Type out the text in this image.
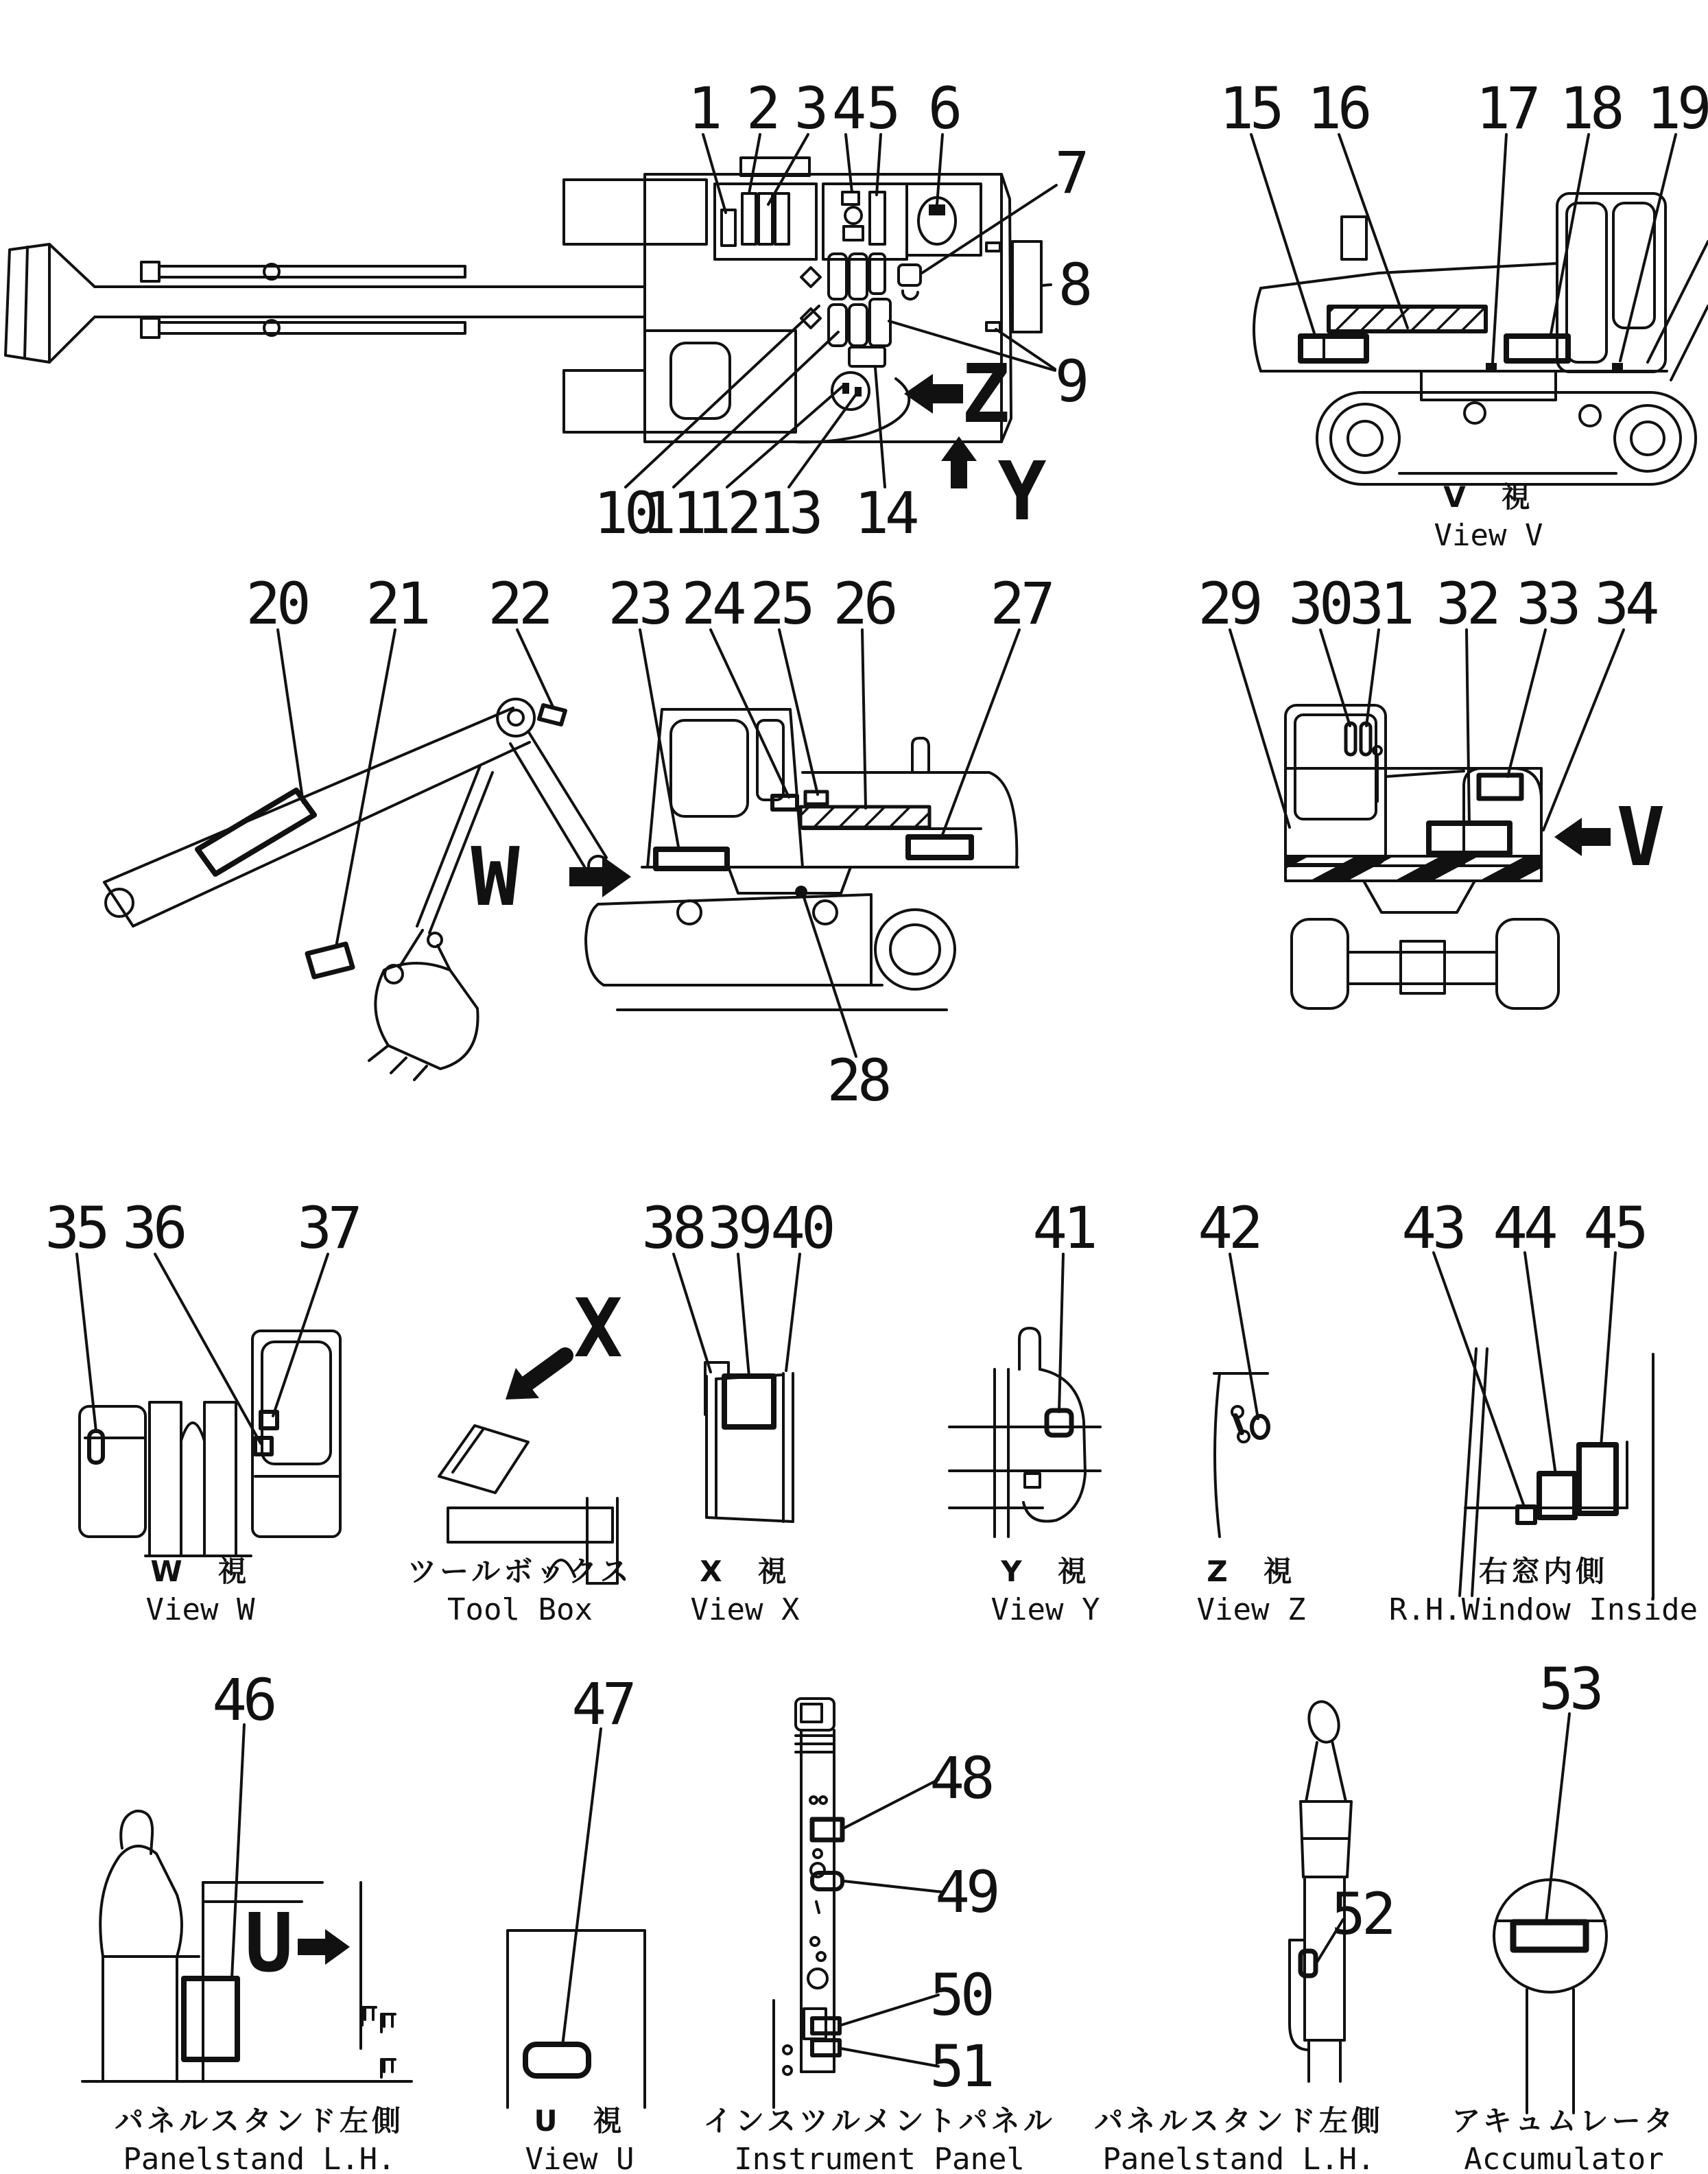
1 2 3 4 5 6
7
8
9
10
11
12 13 14
15 16 17 18 19
20 21 22 23 24 25 26 27
28
29 30 31 32 33 34
35 36 37	38 39 40	41 42 43 44 45
46	47
48
49
50
51
52
53
Z
Y
W	V
X
U
V　視
View V
W　視
View W
ツールボックス
Tool Box
X　視
View X
Y　視
View Y
Z　視
View Z
右窓内側
R.H.Window Inside
パネルスタンド左側
Panelstand L.H.
U　視
View U
インスツルメントパネル
Instrument Panel
パネルスタンド左側
Panelstand L.H.
アキュムレータ
Accumulator
